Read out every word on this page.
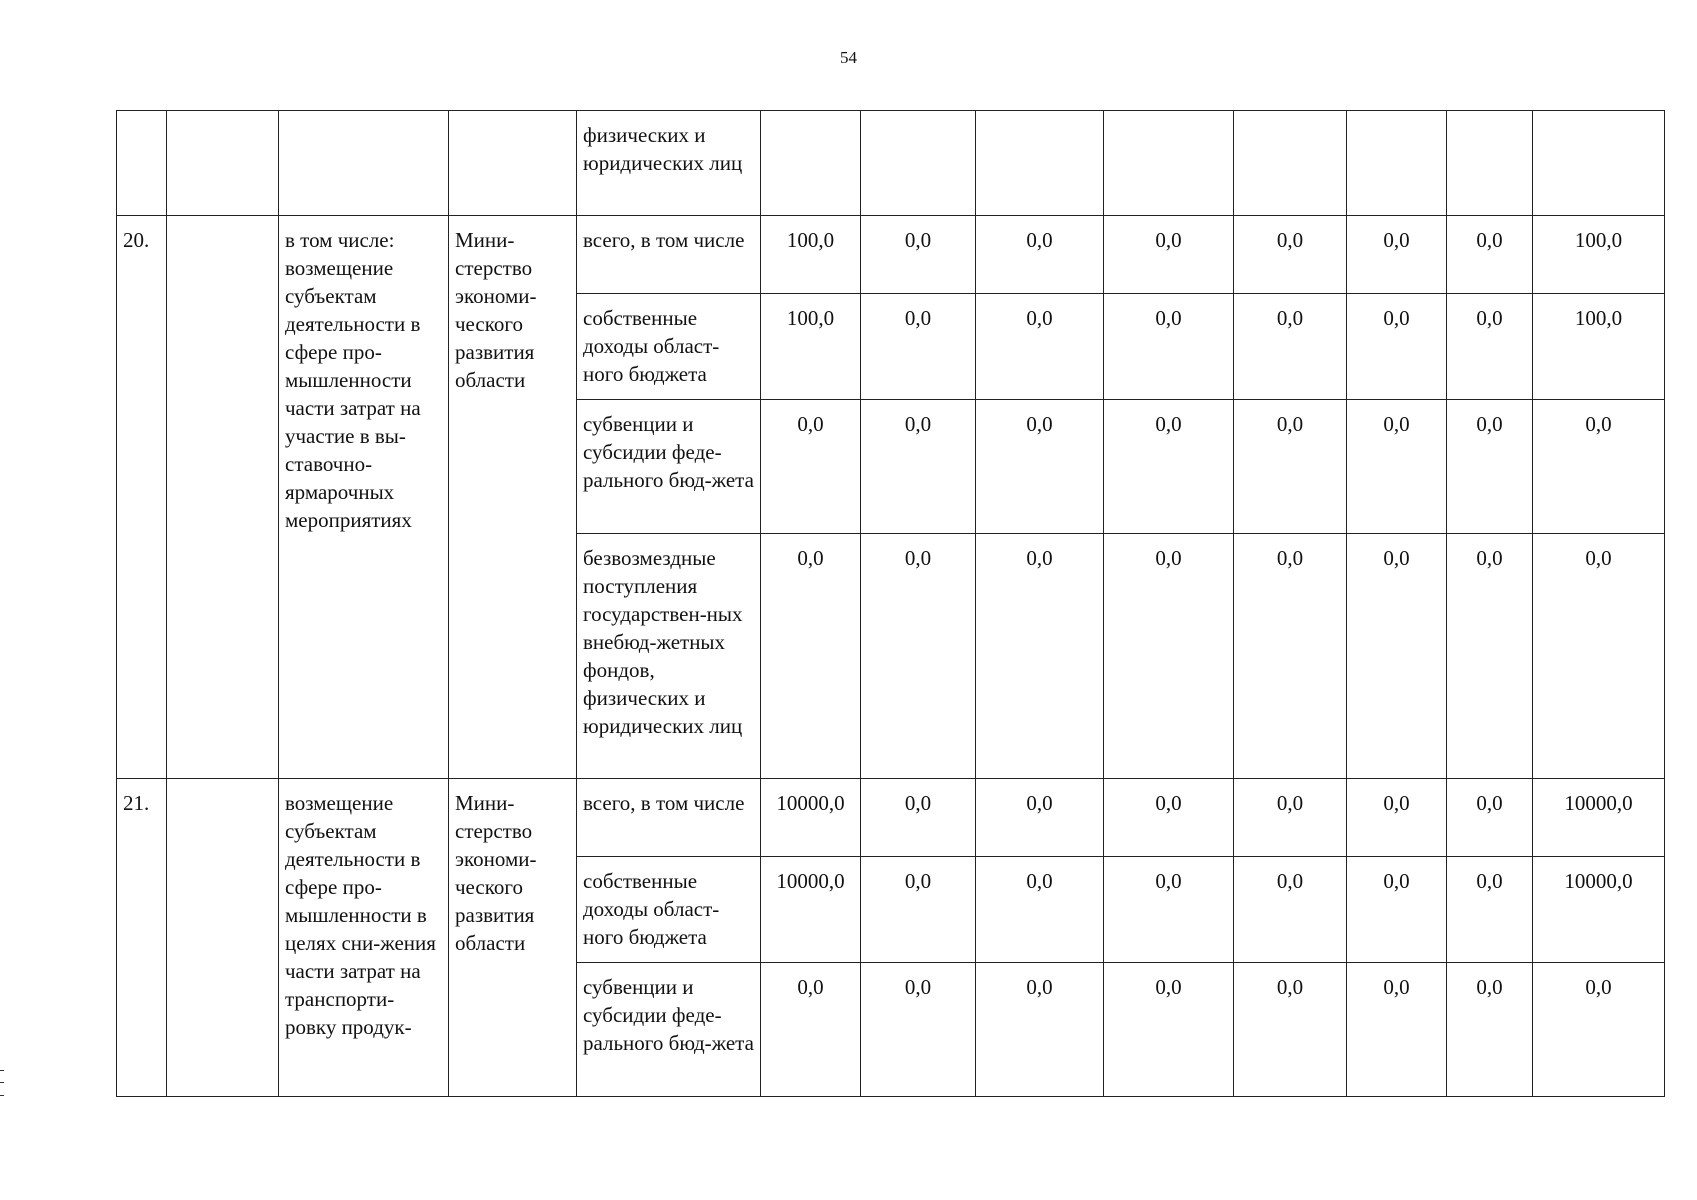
54
				физических и юридических лиц								
20.		в том числе: возмещение субъектам деятельности в сфере про-мышленности части затрат на участие в вы-ставочно-ярмарочных мероприятиях	Мини-стерство экономи-ческого развития области	всего, в том числе	100,0	0,0	0,0	0,0	0,0	0,0	0,0	100,0
				собственные доходы област-ного бюджета	100,0	0,0	0,0	0,0	0,0	0,0	0,0	100,0
				субвенции и субсидии феде-рального бюд-жета	0,0	0,0	0,0	0,0	0,0	0,0	0,0	0,0
				безвозмездные поступления государствен-ных внебюд-жетных фондов, физических и юридических лиц	0,0	0,0	0,0	0,0	0,0	0,0	0,0	0,0
21.		возмещение субъектам деятельности в сфере про-мышленности в целях сни-жения части затрат на транспорти-ровку продук-	Мини-стерство экономи-ческого развития области	всего, в том числе	10000,0	0,0	0,0	0,0	0,0	0,0	0,0	10000,0
				собственные доходы област-ного бюджета	10000,0	0,0	0,0	0,0	0,0	0,0	0,0	10000,0
				субвенции и субсидии феде-рального бюд-жета	0,0	0,0	0,0	0,0	0,0	0,0	0,0	0,0
